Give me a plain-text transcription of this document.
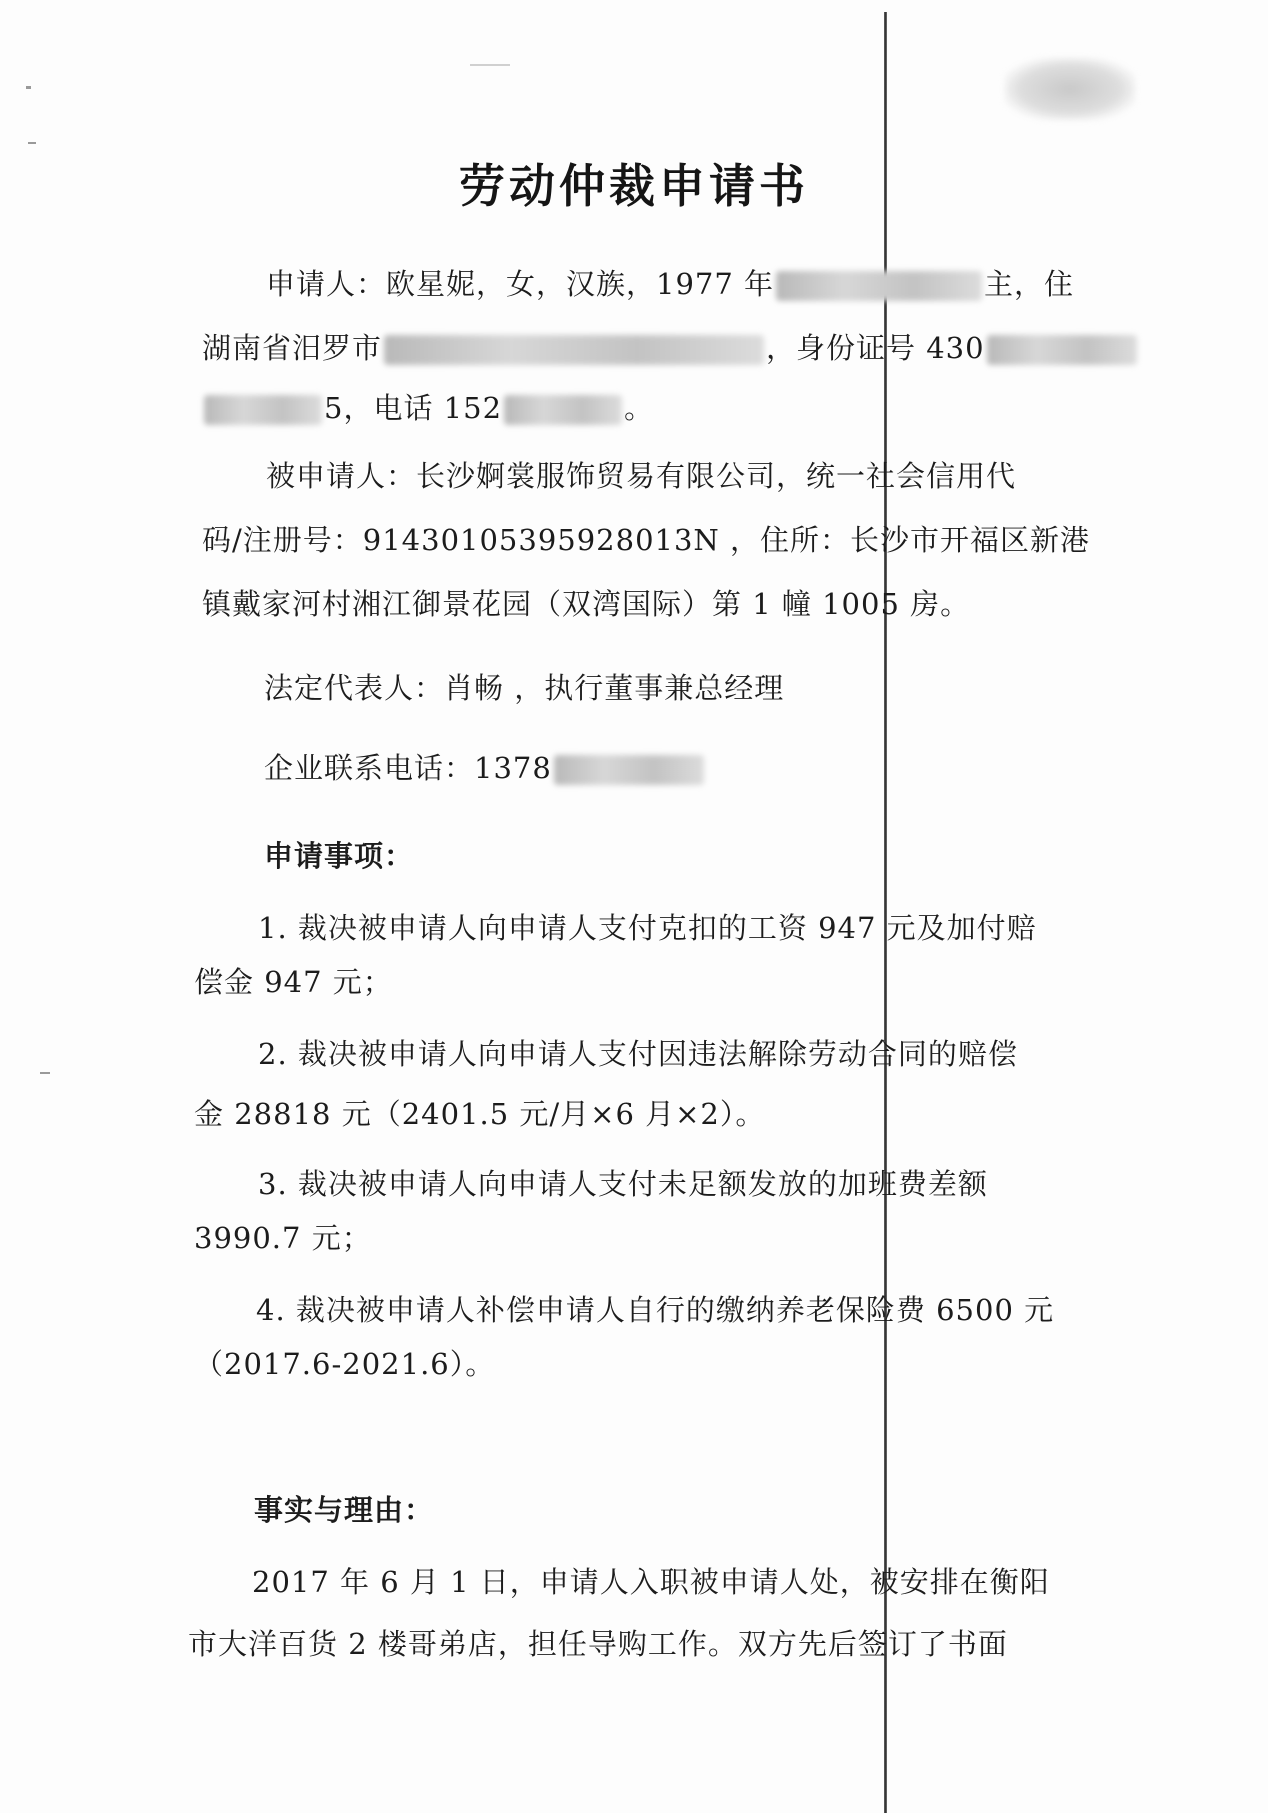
劳动仲裁申请书
申请人：欧星妮，女，汉族，1977 年	主，住
湖南省汨罗市	，身份证号 430
5，电话 152	。
被申请人：长沙婀裳服饰贸易有限公司，统一社会信用代
码/注册号：91430105395928013N ，住所：长沙市开福区新港
镇戴家河村湘江御景花园（双湾国际）第 1 幢 1005 房。
法定代表人：肖畅 ，执行董事兼总经理
企业联系电话：1378
申请事项：
1. 裁决被申请人向申请人支付克扣的工资 947 元及加付赔
偿金 947 元；
2. 裁决被申请人向申请人支付因违法解除劳动合同的赔偿
金 28818 元（2401.5 元/月×6 月×2）。
3. 裁决被申请人向申请人支付未足额发放的加班费差额
3990.7 元；
4. 裁决被申请人补偿申请人自行的缴纳养老保险费 6500 元
（2017.6-2021.6）。
事实与理由：
2017 年 6 月 1 日，申请人入职被申请人处，被安排在衡阳
市大洋百货 2 楼哥弟店，担任导购工作。双方先后签订了书面
